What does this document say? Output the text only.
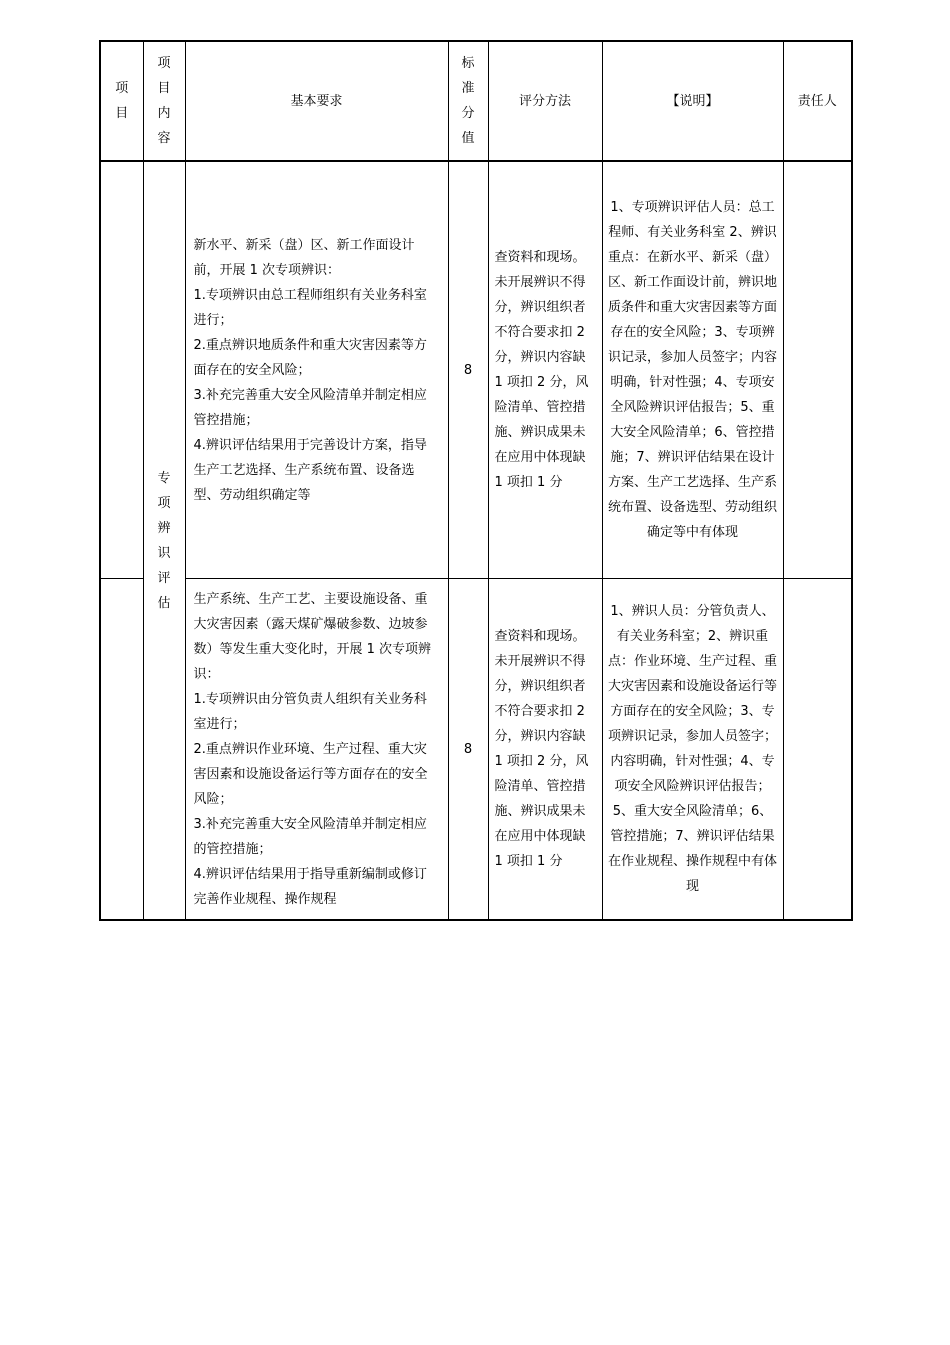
项目	项目内容	基本要求	标准分值	评分方法	【说明】	责任人

	专项辨识评估	新水平、新采（盘）区、新工作面设计前，开展 1 次专项辨识：

1.专项辨识由总工程师组织有关业务科室进行；

2.重点辨识地质条件和重大灾害因素等方面存在的安全风险；

3.补充完善重大安全风险清单并制定相应管控措施；

4.辨识评估结果用于完善设计方案，指导生产工艺选择、生产系统布置、设备选型、劳动组织确定等	8	查资料和现场。未开展辨识不得分，辨识组织者不符合要求扣 2 分，辨识内容缺 1 项扣 2 分，风险清单、管控措施、辨识成果未在应用中体现缺 1 项扣 1 分	1、专项辨识评估人员：总工程师、有关业务科室 2、辨识重点：在新水平、新采（盘）区、新工作面设计前，辨识地质条件和重大灾害因素等方面存在的安全风险；3、专项辨识记录，参加人员签字；内容明确，针对性强；4、专项安全风险辨识评估报告；5、重大安全风险清单；6、管控措施；7、辨识评估结果在设计方案、生产工艺选择、生产系统布置、设备选型、劳动组织确定等中有体现	

		生产系统、生产工艺、主要设施设备、重大灾害因素（露天煤矿爆破参数、边坡参数）等发生重大变化时，开展 1 次专项辨识：

1.专项辨识由分管负责人组织有关业务科室进行；

2.重点辨识作业环境、生产过程、重大灾害因素和设施设备运行等方面存在的安全风险；

3.补充完善重大安全风险清单并制定相应的管控措施；

4.辨识评估结果用于指导重新编制或修订完善作业规程、操作规程	8	查资料和现场。未开展辨识不得分，辨识组织者不符合要求扣 2 分，辨识内容缺 1 项扣 2 分，风险清单、管控措施、辨识成果未在应用中体现缺 1 项扣 1 分	1、辨识人员：分管负责人、有关业务科室；2、辨识重点：作业环境、生产过程、重大灾害因素和设施设备运行等方面存在的安全风险；3、专项辨识记录，参加人员签字；内容明确，针对性强；4、专项安全风险辨识评估报告；5、重大安全风险清单；6、管控措施；7、辨识评估结果在作业规程、操作规程中有体现	
